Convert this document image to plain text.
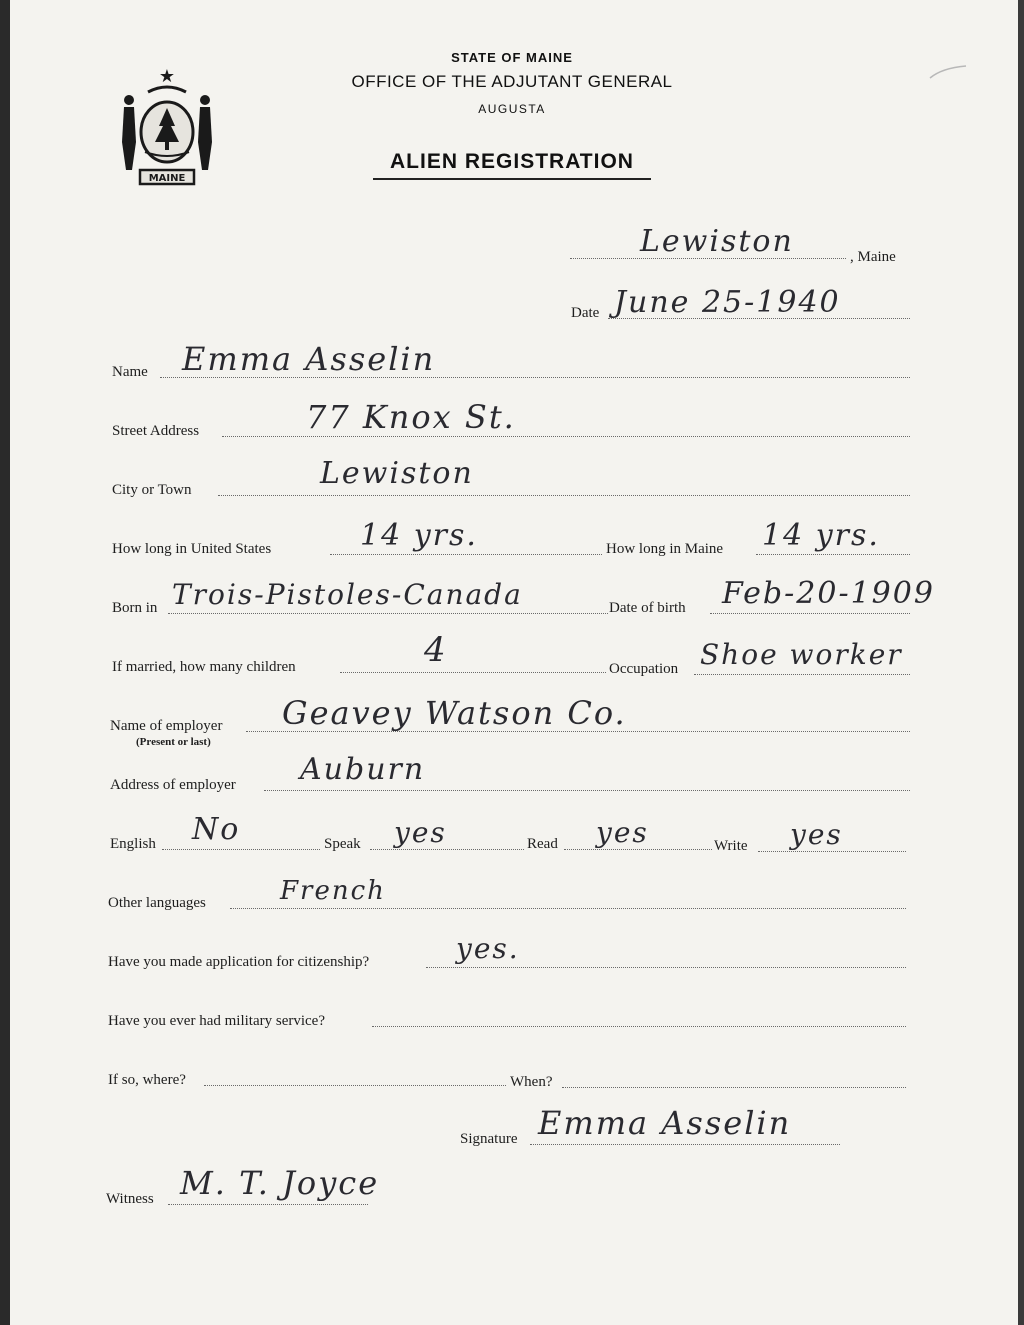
★
MAINE
STATE OF MAINE
OFFICE OF THE ADJUTANT GENERAL
AUGUSTA
ALIEN REGISTRATION
Lewiston	, Maine
Date June 25-1940
Name Emma Asselin
Street Address	77 Knox St.
City or Town	Lewiston
How long in United States	14 yrs.	How long in Maine 14 yrs.
Born in Trois-Pistoles-Canada	Date of birth Feb-20-1909
If married, how many children	4	Occupation Shoe worker
Name of employer
(Present or last)
Geavey Watson Co.
Address of employer Auburn
English No	Speak yes	Read yes	Write yes
Other languages	French
Have you made application for citizenship?	yes.
Have you ever had military service?
If so, where?	When?
Signature Emma Asselin
Witness M. T. Joyce
